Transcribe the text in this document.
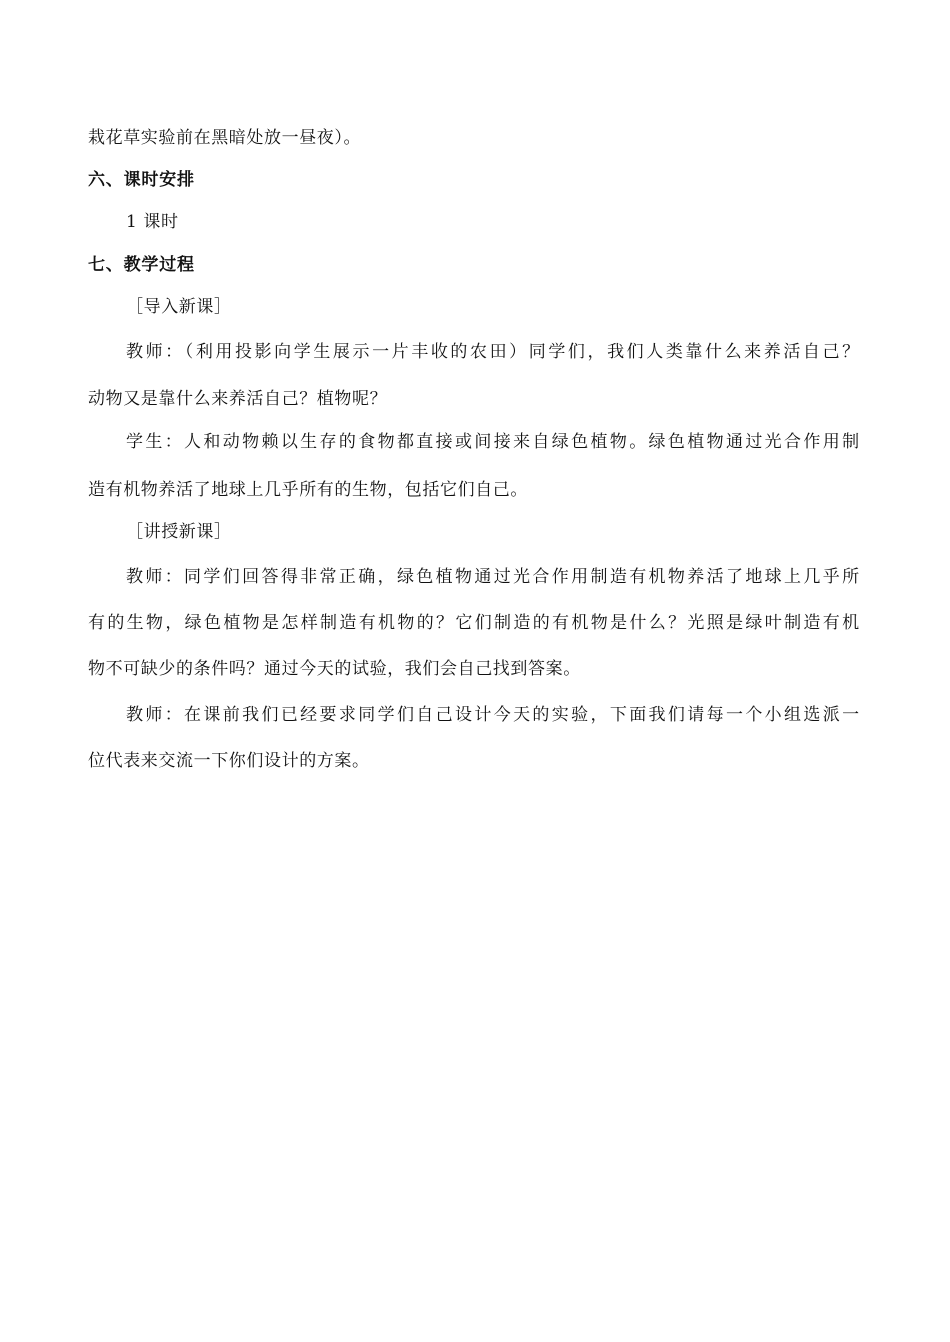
栽花草实验前在黑暗处放一昼夜）。
六、课时安排
1 课时
七、教学过程
［导入新课］
教师：（利用投影向学生展示一片丰收的农田）同学们，我们人类靠什么来养活自己？
动物又是靠什么来养活自己？植物呢？
学生：人和动物赖以生存的食物都直接或间接来自绿色植物。绿色植物通过光合作用制
造有机物养活了地球上几乎所有的生物，包括它们自己。
［讲授新课］
教师：同学们回答得非常正确，绿色植物通过光合作用制造有机物养活了地球上几乎所
有的生物，绿色植物是怎样制造有机物的？它们制造的有机物是什么？光照是绿叶制造有机
物不可缺少的条件吗？通过今天的试验，我们会自己找到答案。
教师：在课前我们已经要求同学们自己设计今天的实验，下面我们请每一个小组选派一
位代表来交流一下你们设计的方案。
